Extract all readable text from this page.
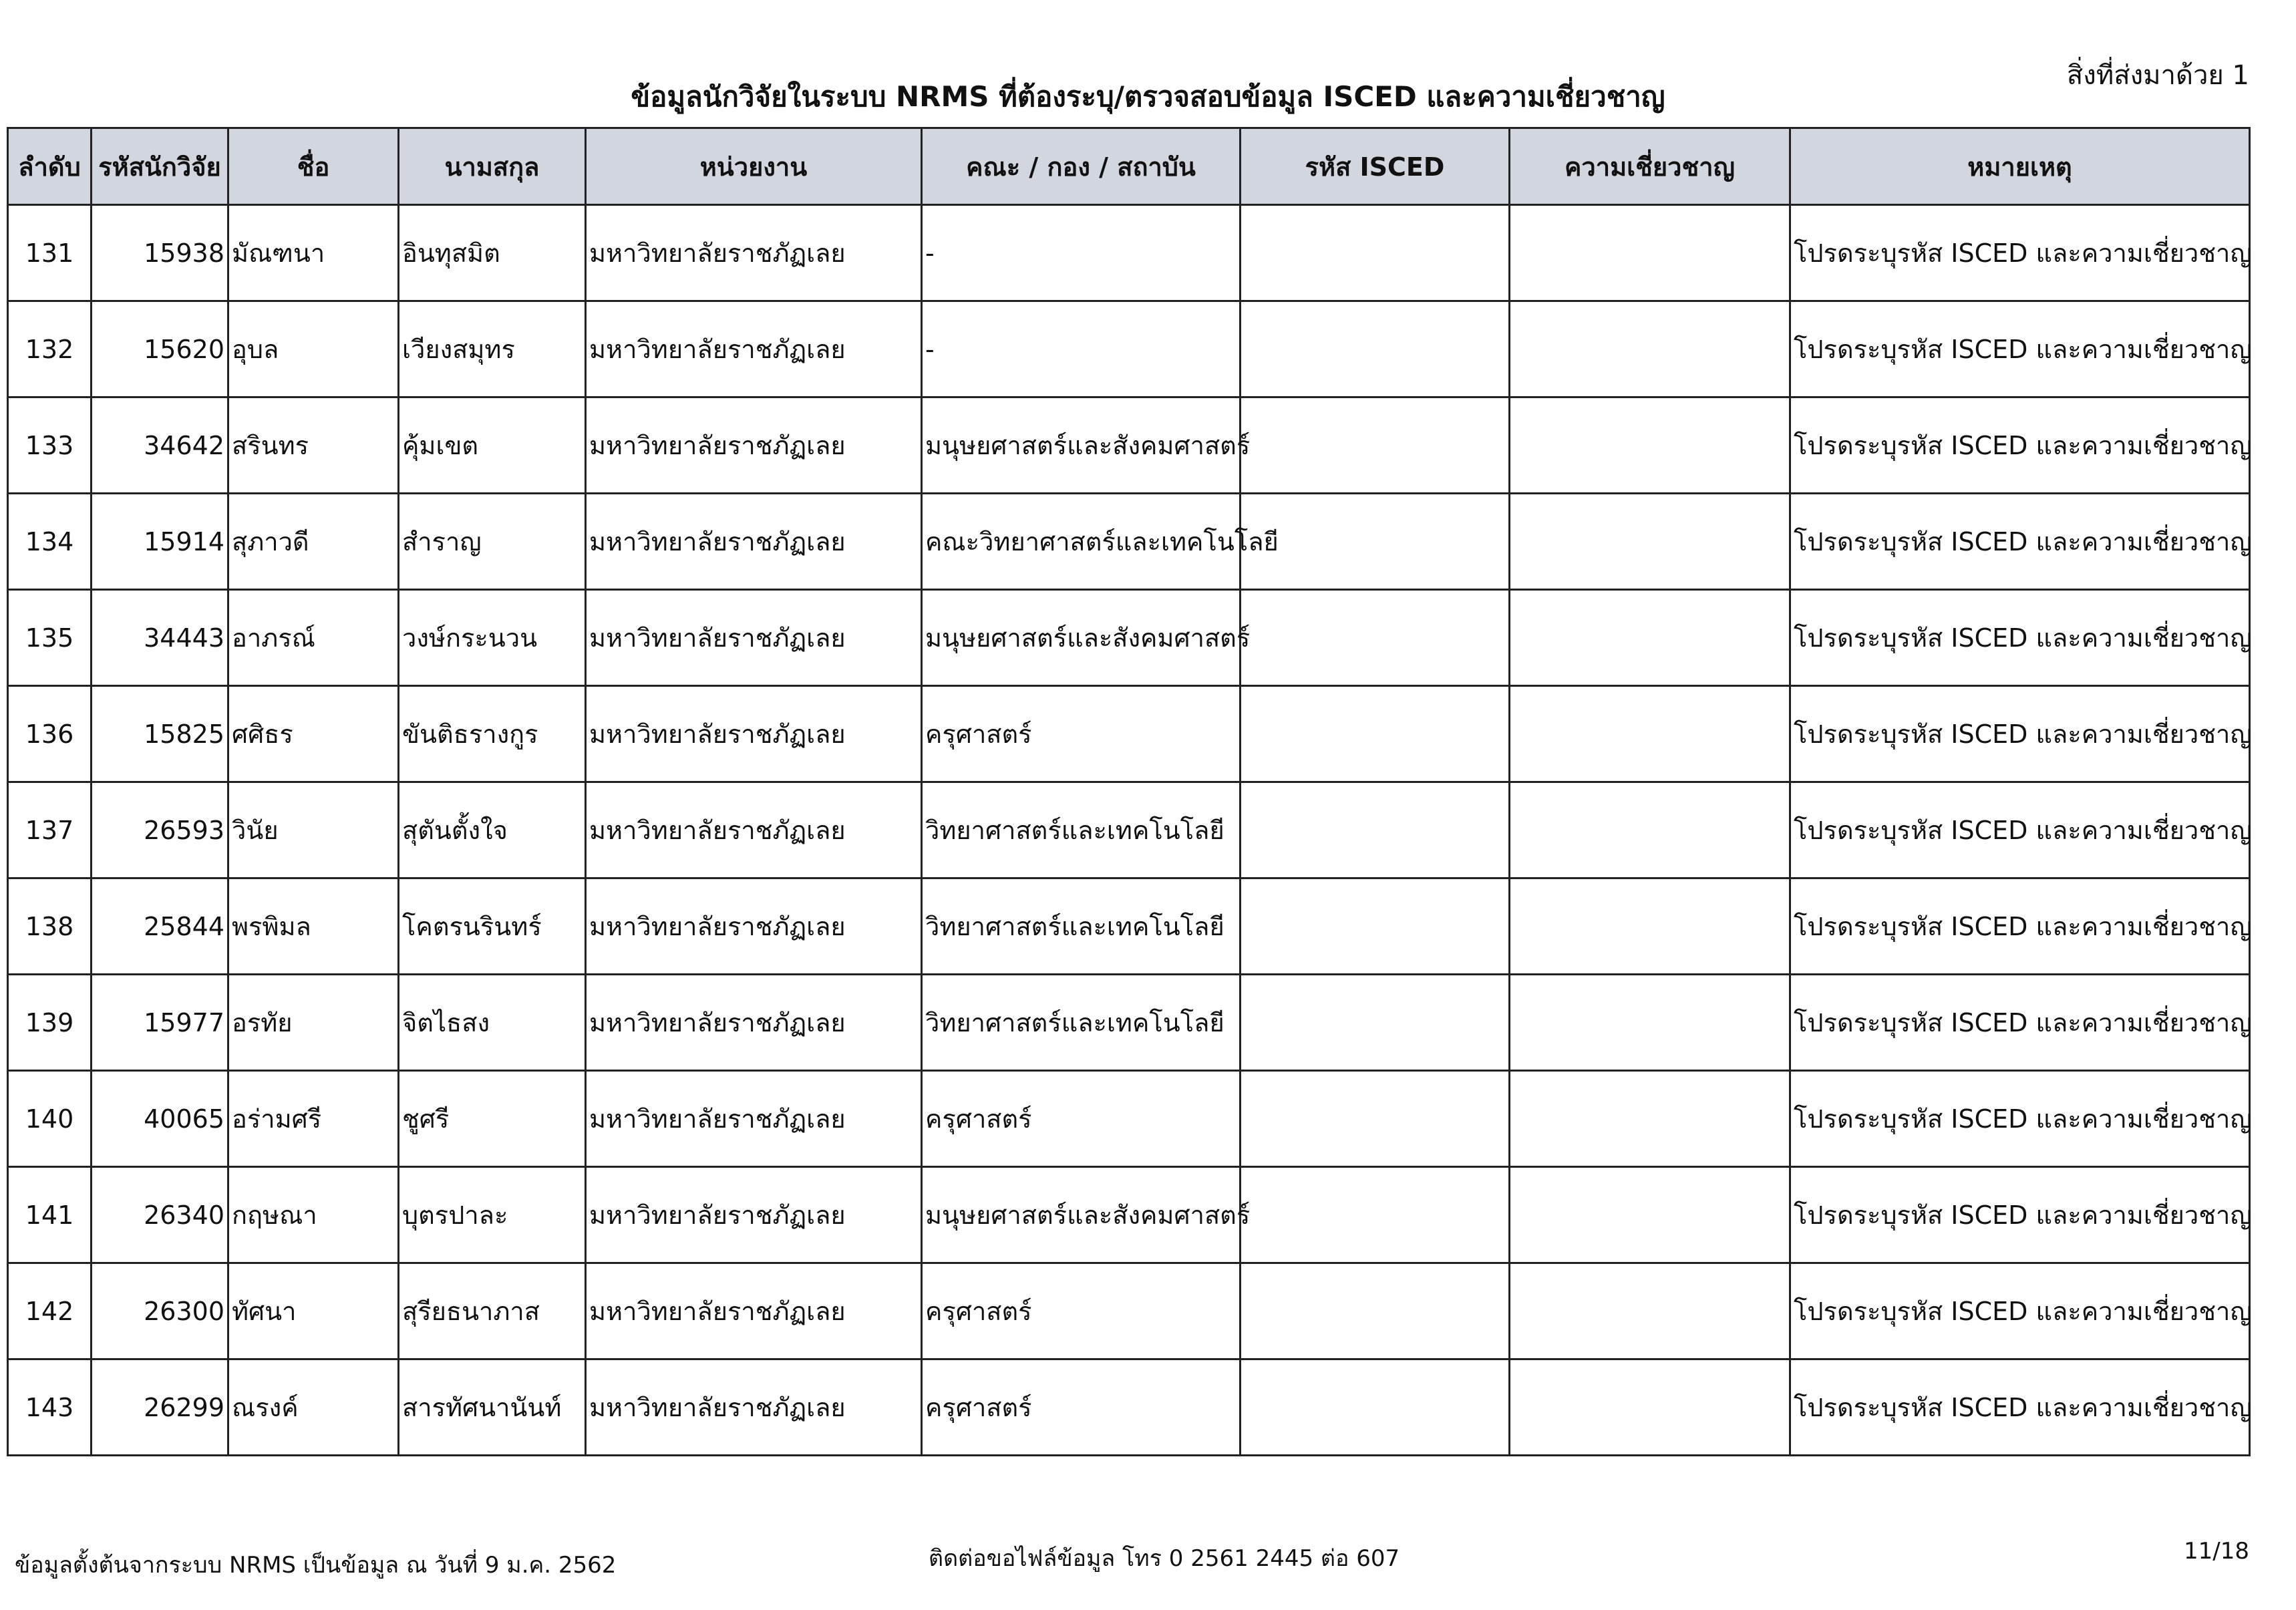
สิ่งที่ส่งมาด้วย 1
ข้อมูลนักวิจัยในระบบ NRMS ที่ต้องระบุ/ตรวจสอบข้อมูล ISCED และความเชี่ยวชาญ
ลำดับ	รหัสนักวิจัย	ชื่อ	นามสกุล	หน่วยงาน	คณะ / กอง / สถาบัน	รหัส ISCED	ความเชี่ยวชาญ	หมายเหตุ
131	15938	มัณฑนา	อินทุสมิต	มหาวิทยาลัยราชภัฏเลย	-			โปรดระบุรหัส ISCED และความเชี่ยวชาญ
132	15620	อุบล	เวียงสมุทร	มหาวิทยาลัยราชภัฏเลย	-			โปรดระบุรหัส ISCED และความเชี่ยวชาญ
133	34642	สรินทร	คุ้มเขต	มหาวิทยาลัยราชภัฏเลย	มนุษยศาสตร์และสังคมศาสตร์			โปรดระบุรหัส ISCED และความเชี่ยวชาญ
134	15914	สุภาวดี	สำราญ	มหาวิทยาลัยราชภัฏเลย	คณะวิทยาศาสตร์และเทคโนโลยี			โปรดระบุรหัส ISCED และความเชี่ยวชาญ
135	34443	อาภรณ์	วงษ์กระนวน	มหาวิทยาลัยราชภัฏเลย	มนุษยศาสตร์และสังคมศาสตร์			โปรดระบุรหัส ISCED และความเชี่ยวชาญ
136	15825	ศศิธร	ขันติธรางกูร	มหาวิทยาลัยราชภัฏเลย	ครุศาสตร์			โปรดระบุรหัส ISCED และความเชี่ยวชาญ
137	26593	วินัย	สุตันตั้งใจ	มหาวิทยาลัยราชภัฏเลย	วิทยาศาสตร์และเทคโนโลยี			โปรดระบุรหัส ISCED และความเชี่ยวชาญ
138	25844	พรพิมล	โคตรนรินทร์	มหาวิทยาลัยราชภัฏเลย	วิทยาศาสตร์และเทคโนโลยี			โปรดระบุรหัส ISCED และความเชี่ยวชาญ
139	15977	อรทัย	จิตไธสง	มหาวิทยาลัยราชภัฏเลย	วิทยาศาสตร์และเทคโนโลยี			โปรดระบุรหัส ISCED และความเชี่ยวชาญ
140	40065	อร่ามศรี	ชูศรี	มหาวิทยาลัยราชภัฏเลย	ครุศาสตร์			โปรดระบุรหัส ISCED และความเชี่ยวชาญ
141	26340	กฤษณา	บุตรปาละ	มหาวิทยาลัยราชภัฏเลย	มนุษยศาสตร์และสังคมศาสตร์			โปรดระบุรหัส ISCED และความเชี่ยวชาญ
142	26300	ทัศนา	สุรียธนาภาส	มหาวิทยาลัยราชภัฏเลย	ครุศาสตร์			โปรดระบุรหัส ISCED และความเชี่ยวชาญ
143	26299	ณรงค์	สารทัศนานันท์	มหาวิทยาลัยราชภัฏเลย	ครุศาสตร์			โปรดระบุรหัส ISCED และความเชี่ยวชาญ
ข้อมูลตั้งต้นจากระบบ NRMS เป็นข้อมูล ณ วันที่ 9 ม.ค. 2562	ติดต่อขอไฟล์ข้อมูล โทร 0 2561 2445 ต่อ 607	11/18
